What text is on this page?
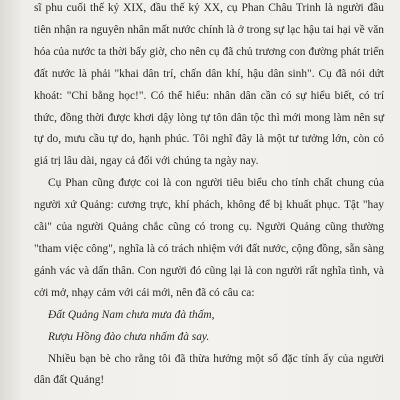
sĩ phu cuối thế kỷ XIX, đầu thế kỷ XX, cụ Phan Châu Trinh là người đầu tiên nhận ra nguyên nhân mất nước chính là ở trong sự lạc hậu tai hại về văn hóa của nước ta thời bấy giờ, cho nên cụ đã chủ trương con đường phát triển đất nước là phải "khai dân trí, chấn dân khí, hậu dân sinh". Cụ đã nói dứt khoát: "Chỉ bằng học!". Có thể hiểu: nhân dân cần có sự hiểu biết, có trí thức, đồng thời được khơi dậy lòng tự tôn dân tộc thì mới mong làm nên sự tự do, mưu cầu tự do, hạnh phúc. Tôi nghĩ đây là một tư tưởng lớn, còn có giá trị lâu dài, ngay cả đối với chúng ta ngày nay.

Cụ Phan cũng được coi là con người tiêu biểu cho tính chất chung của người xứ Quảng: cương trực, khí phách, không để bị khuất phục. Tật "hay cãi" của người Quảng chắc cũng có trong cụ. Người Quảng cũng thường "tham việc công", nghĩa là có trách nhiệm với đất nước, cộng đồng, sẵn sàng gánh vác và dấn thân. Con người đó cũng lại là con người rất nghĩa tình, và cởi mở, nhạy cảm với cái mới, nên đã có câu ca:

Đất Quảng Nam chưa mưa đà thấm,

Rượu Hồng đào chưa nhấm đà say.

Nhiều bạn bè cho rằng tôi đã thừa hưởng một số đặc tính ấy của người dân đất Quảng!
